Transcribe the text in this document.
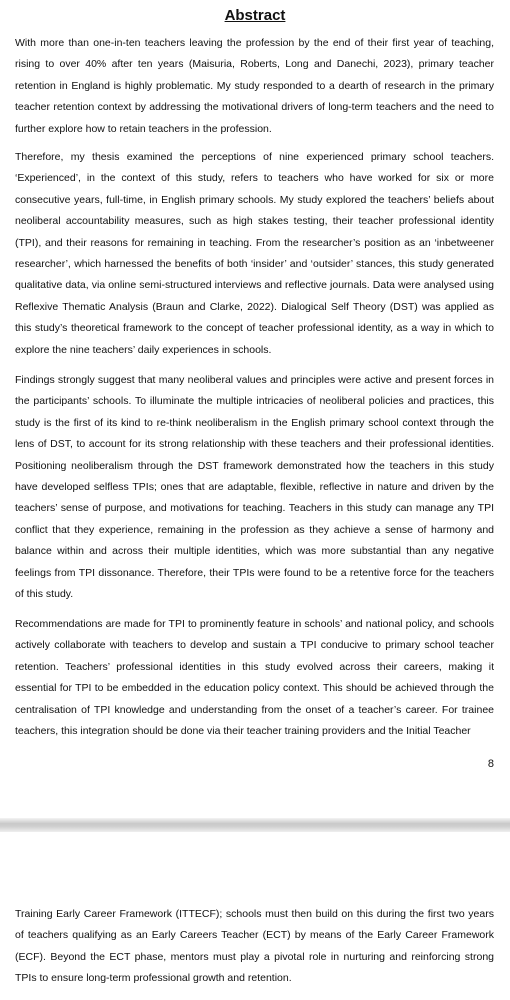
Abstract

With more than one-in-ten teachers leaving the profession by the end of their first year of teaching, rising to over 40% after ten years (Maisuria, Roberts, Long and Danechi, 2023), primary teacher retention in England is highly problematic. My study responded to a dearth of research in the primary teacher retention context by addressing the motivational drivers of long-term teachers and the need to further explore how to retain teachers in the profession.

Therefore, my thesis examined the perceptions of nine experienced primary school teachers. ‘Experienced’, in the context of this study, refers to teachers who have worked for six or more consecutive years, full-time, in English primary schools. My study explored the teachers’ beliefs about neoliberal accountability measures, such as high stakes testing, their teacher professional identity (TPI), and their reasons for remaining in teaching. From the researcher’s position as an ‘inbetweener researcher’, which harnessed the benefits of both ‘insider’ and ‘outsider’ stances, this study generated qualitative data, via online semi-structured interviews and reflective journals. Data were analysed using Reflexive Thematic Analysis (Braun and Clarke, 2022). Dialogical Self Theory (DST) was applied as this study’s theoretical framework to the concept of teacher professional identity, as a way in which to explore the nine teachers’ daily experiences in schools.

Findings strongly suggest that many neoliberal values and principles were active and present forces in the participants’ schools. To illuminate the multiple intricacies of neoliberal policies and practices, this study is the first of its kind to re-think neoliberalism in the English primary school context through the lens of DST, to account for its strong relationship with these teachers and their professional identities. Positioning neoliberalism through the DST framework demonstrated how the teachers in this study have developed selfless TPIs; ones that are adaptable, flexible, reflective in nature and driven by the teachers’ sense of purpose, and motivations for teaching. Teachers in this study can manage any TPI conflict that they experience, remaining in the profession as they achieve a sense of harmony and balance within and across their multiple identities, which was more substantial than any negative feelings from TPI dissonance. Therefore, their TPIs were found to be a retentive force for the teachers of this study.

Recommendations are made for TPI to prominently feature in schools’ and national policy, and schools actively collaborate with teachers to develop and sustain a TPI conducive to primary school teacher retention. Teachers’ professional identities in this study evolved across their careers, making it essential for TPI to be embedded in the education policy context. This should be achieved through the centralisation of TPI knowledge and understanding from the onset of a teacher’s career. For trainee teachers, this integration should be done via their teacher training providers and the Initial Teacher

8

Training Early Career Framework (ITTECF); schools must then build on this during the first two years of teachers qualifying as an Early Careers Teacher (ECT) by means of the Early Career Framework (ECF). Beyond the ECT phase, mentors must play a pivotal role in nurturing and reinforcing strong TPIs to ensure long-term professional growth and retention.
